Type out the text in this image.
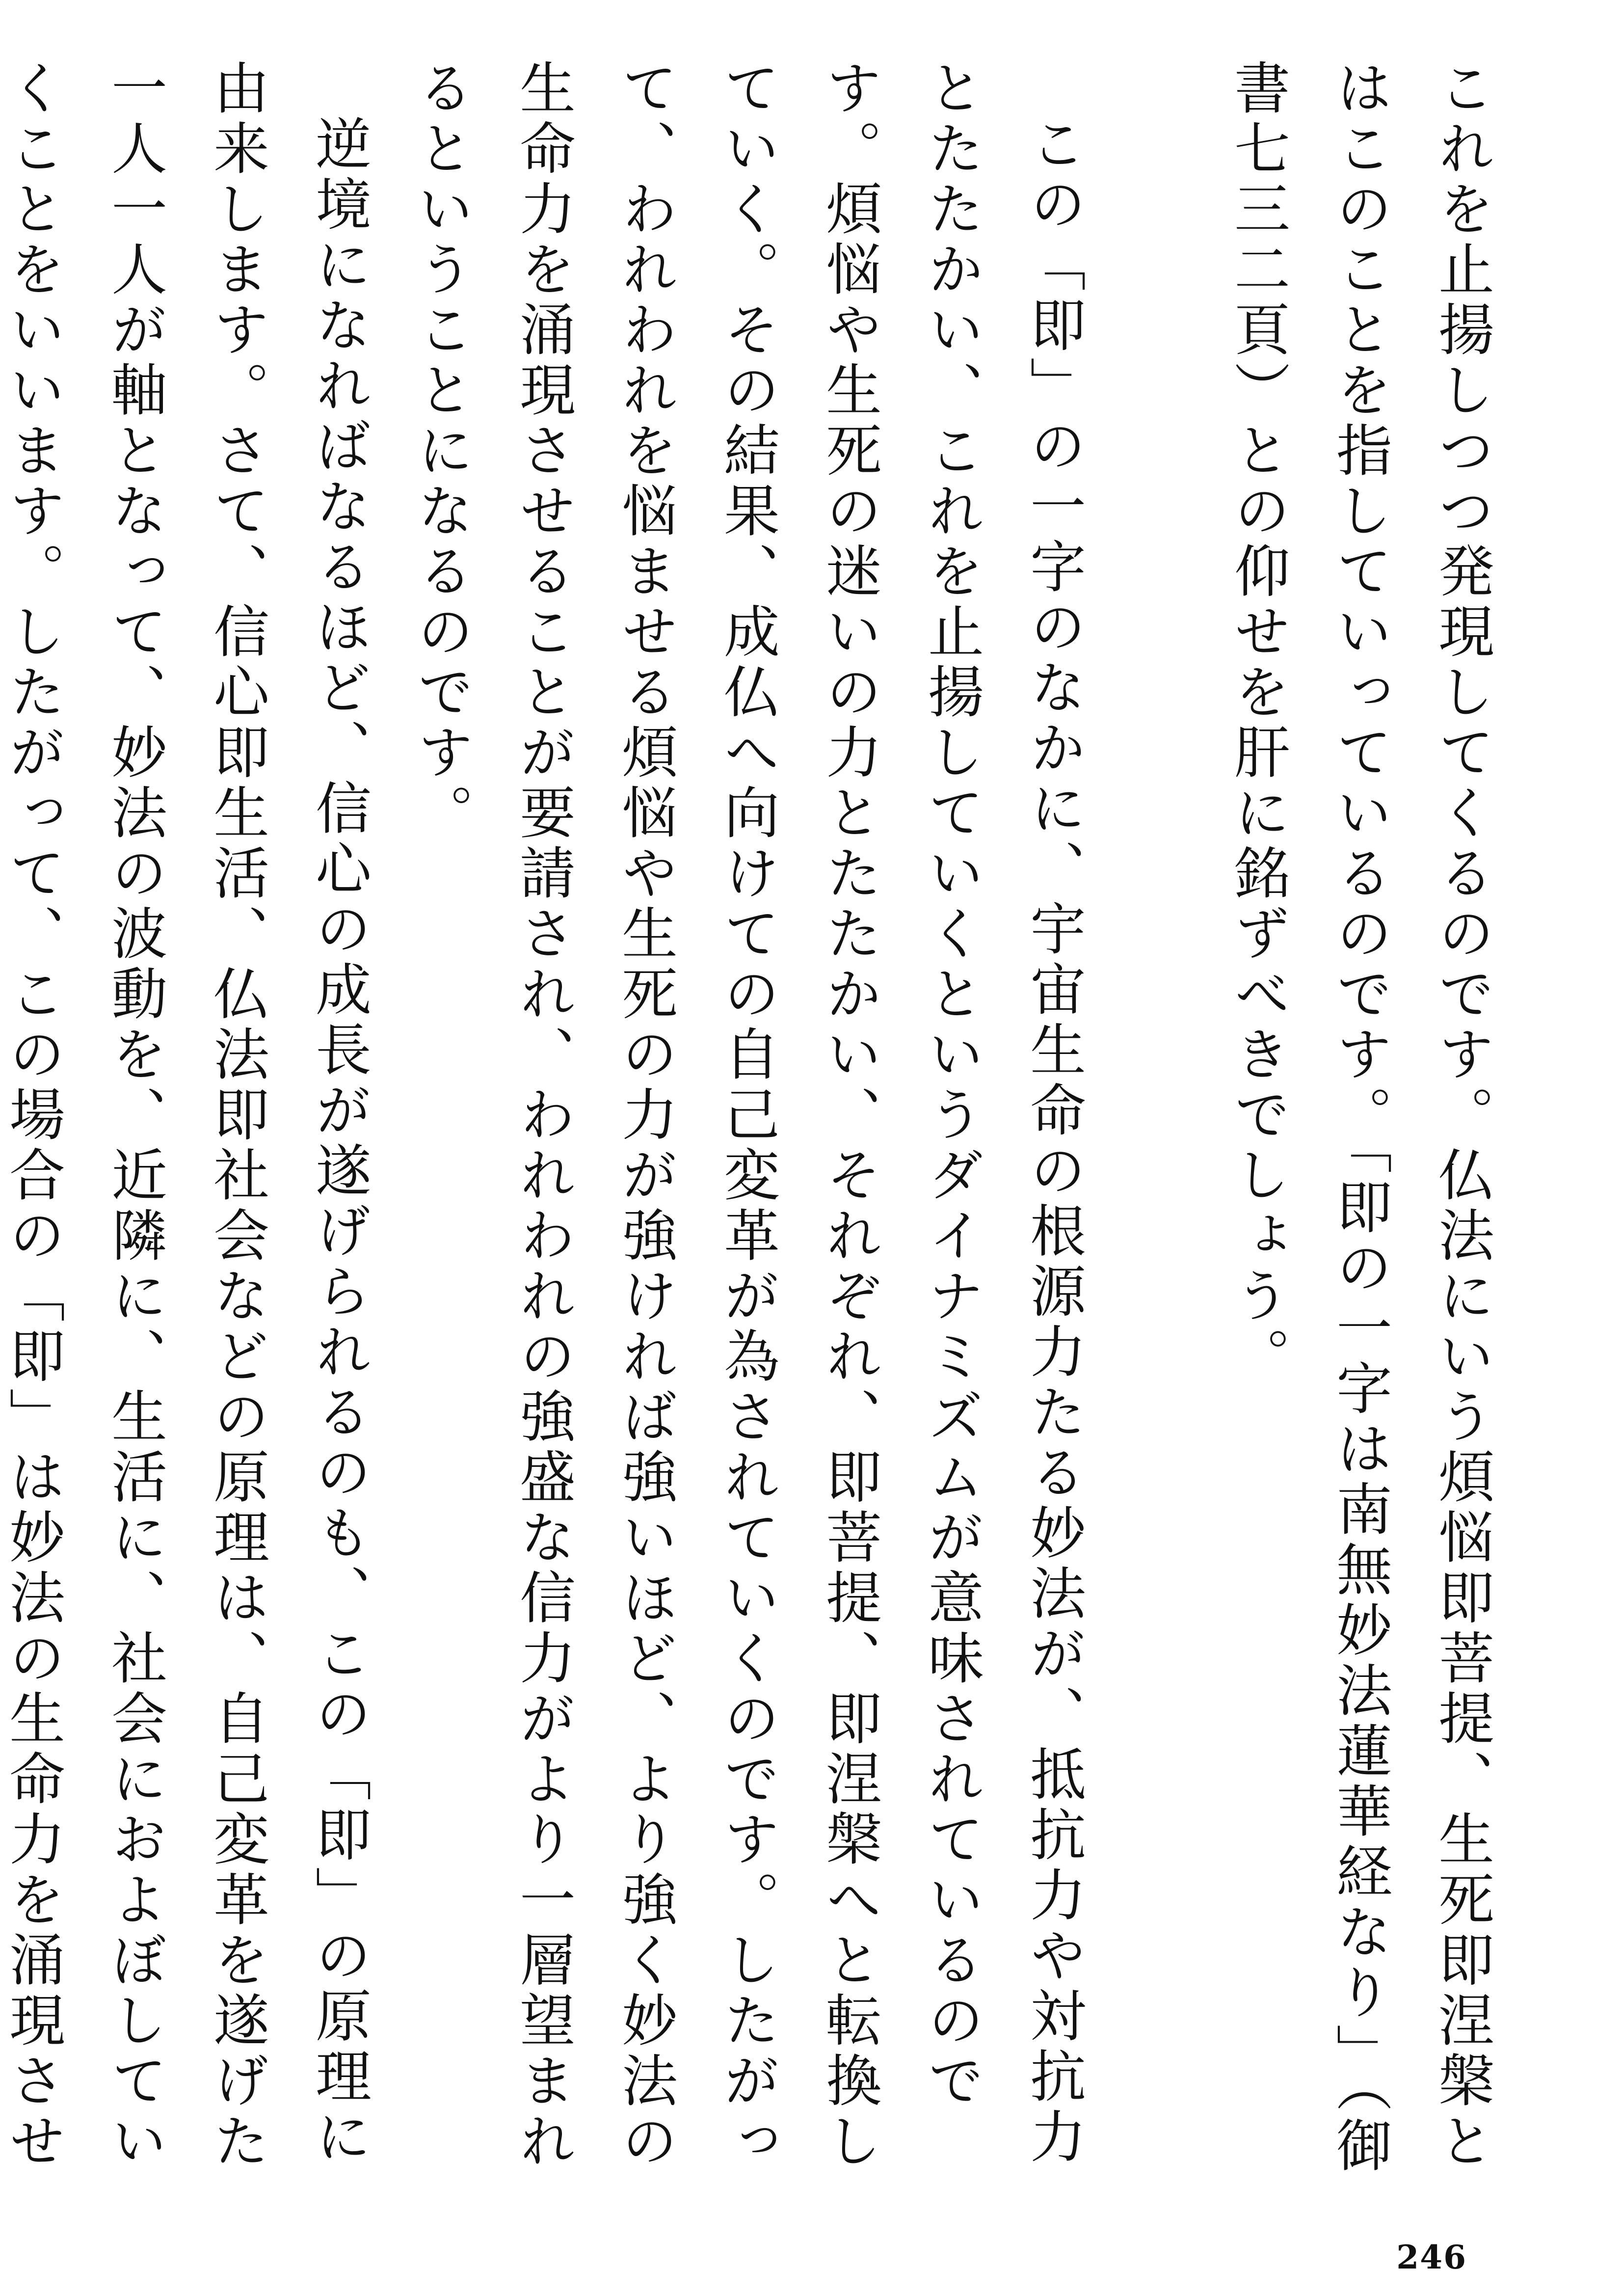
これを止揚しつつ発現してくるのです。仏法にいう煩悩即菩提、生死即涅槃とはこのことを指していっているのです。「即の一字は南無妙法蓮華経なり」（御書七三二頁）との仰せを肝に銘ずべきでしょう。

この「即」の一字のなかに、宇宙生命の根源力たる妙法が、抵抗力や対抗力とたたかい、これを止揚していくというダイナミズムが意味されているのです。煩悩や生死の迷いの力とたたかい、それぞれ、即菩提、即涅槃へと転換していく。その結果、成仏へ向けての自己変革が為されていくのです。したがって、われわれを悩ませる煩悩や生死の力が強ければ強いほど、より強く妙法の生命力を涌現させることが要請され、われわれの強盛な信力がより一層望まれるということになるのです。

逆境になればなるほど、信心の成長が遂げられるのも、この「即」の原理に由来します。さて、信心即生活、仏法即社会などの原理は、自己変革を遂げた一人一人が軸となって、妙法の波動を、近隣に、生活に、社会におよぼしていくことをいいます。したがって、この場合の「即」は妙法の生命力を涌現させ

246
